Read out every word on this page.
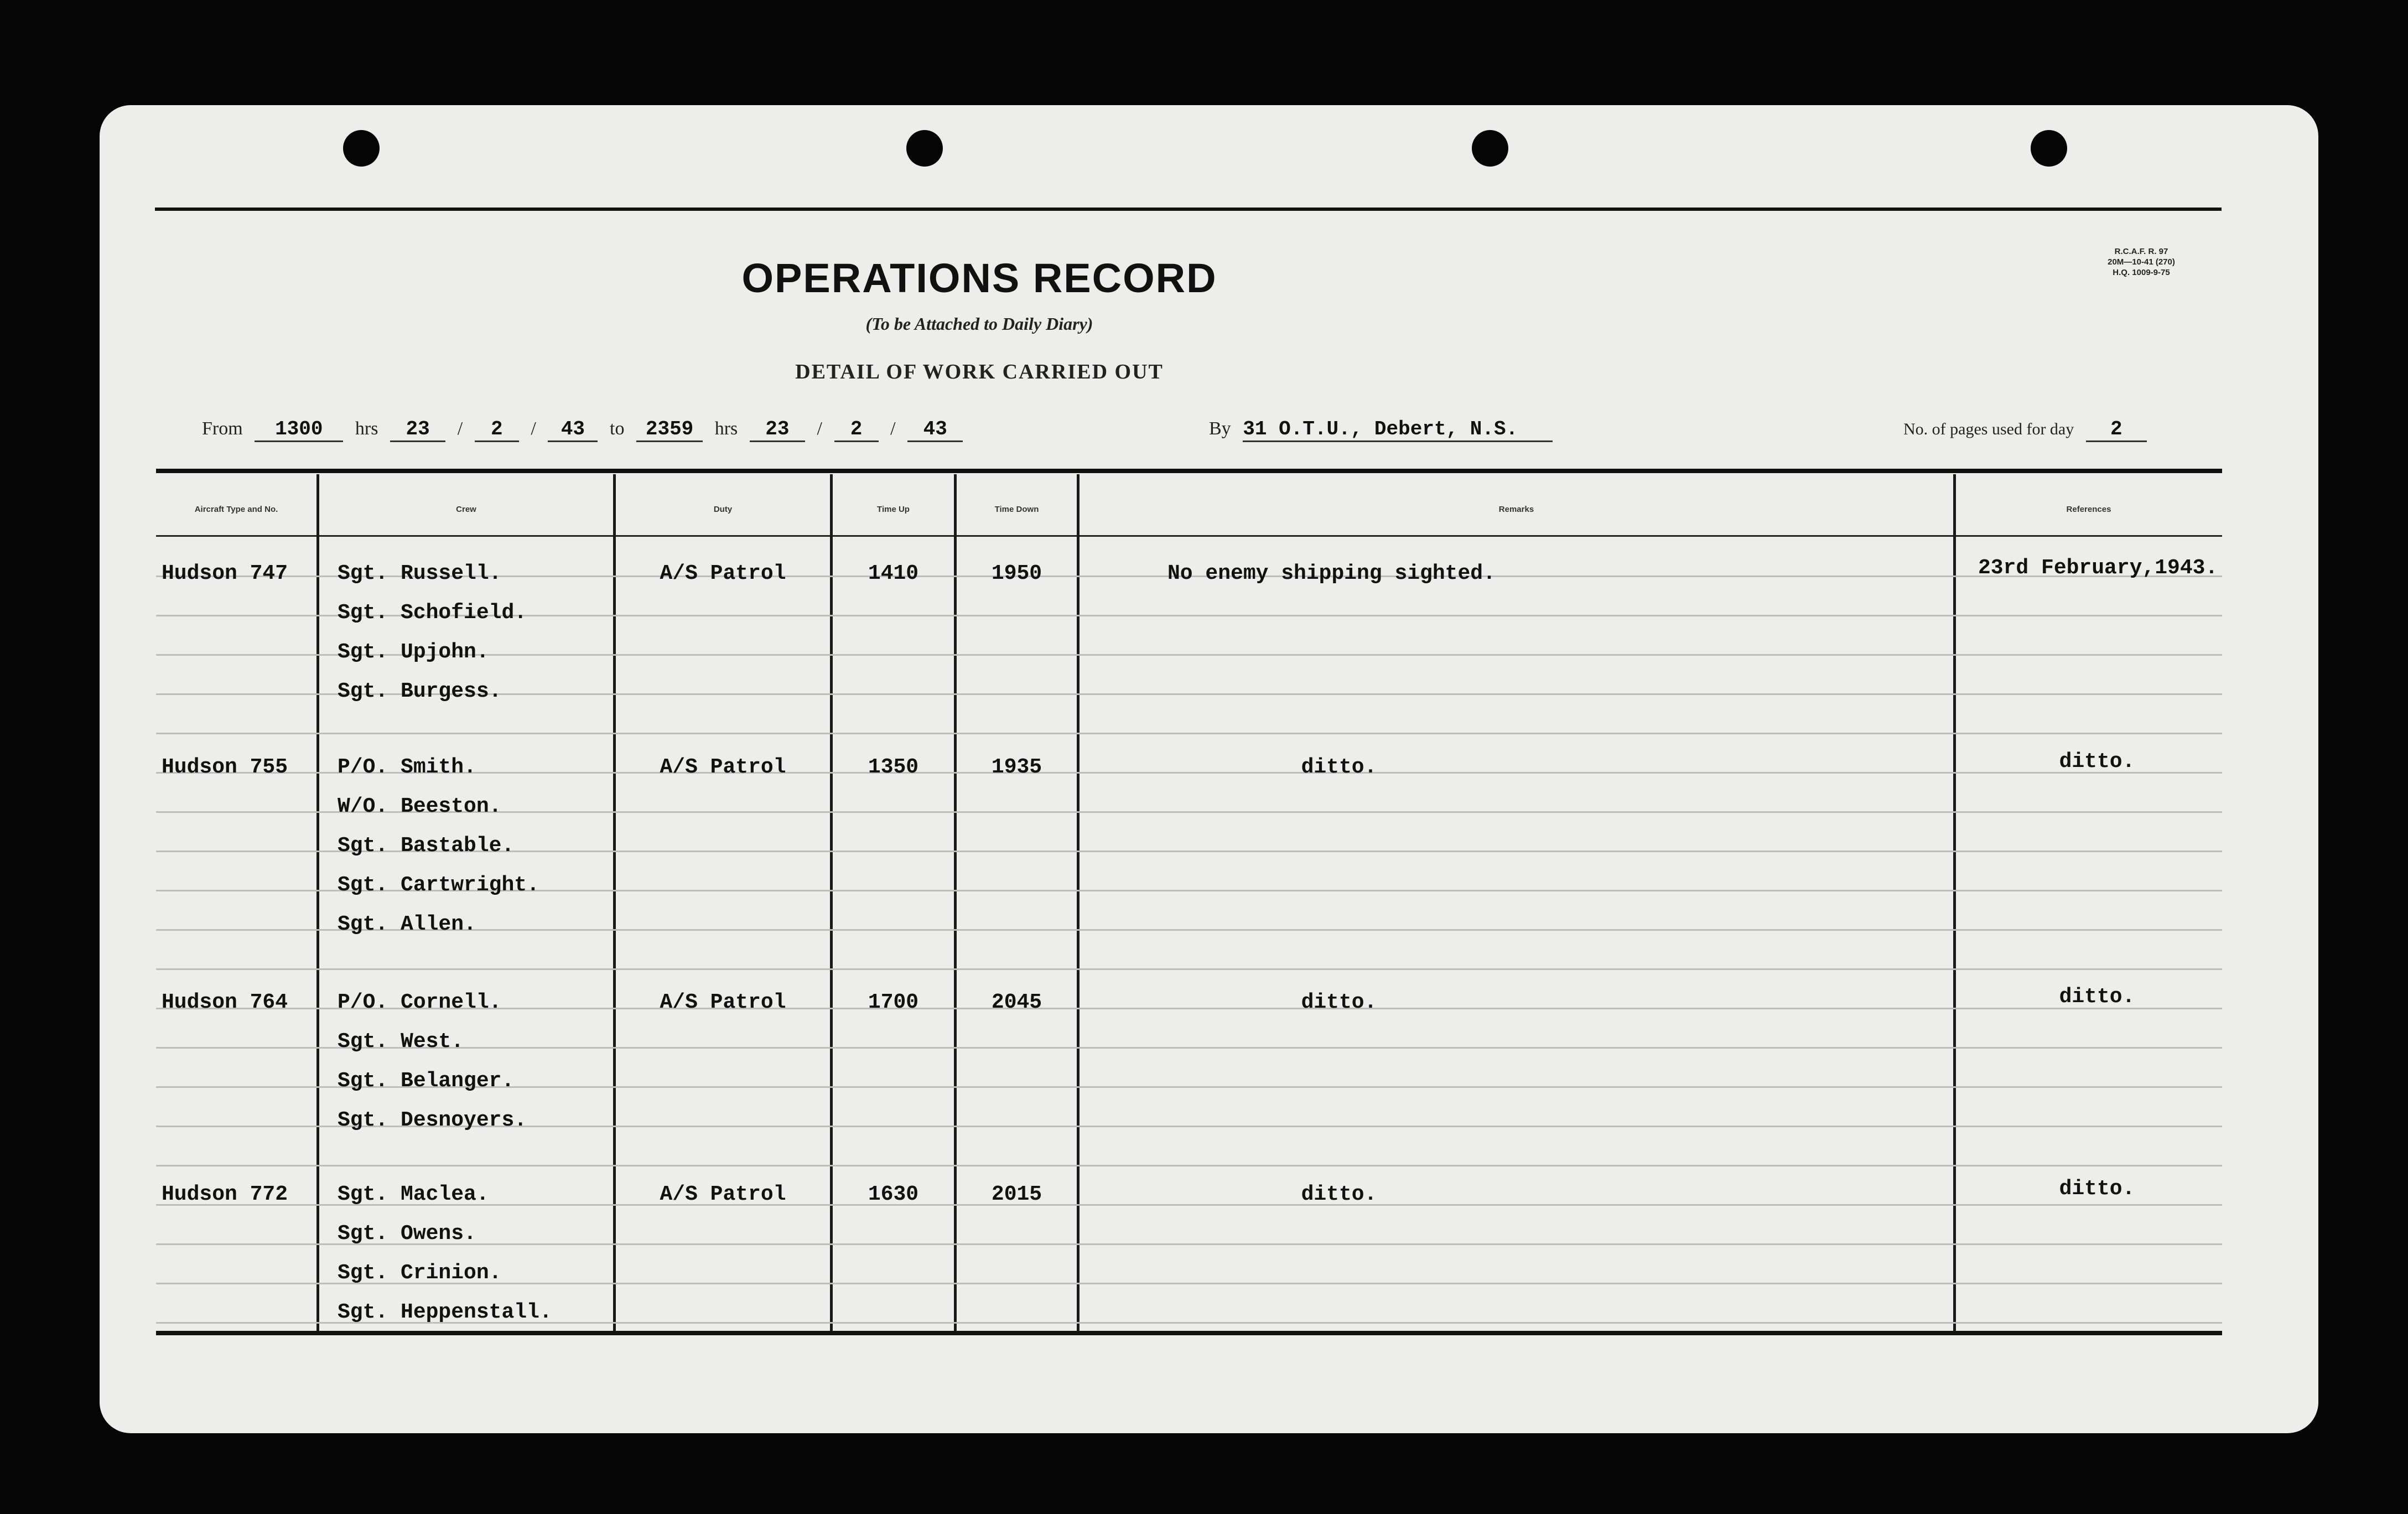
R.C.A.F. R. 97
20M—10-41 (270)
H.Q. 1009-9-75
OPERATIONS RECORD
(To be Attached to Daily Diary)
DETAIL OF WORK CARRIED OUT
From 1300 hrs 23 / 2 / 43 to 2359 hrs 23 / 2 / 43	By 31 O.T.U., Debert, N.S.	No. of pages used for day 2
Aircraft Type and No.	Crew	Duty	Time Up	Time Down	Remarks	References
Hudson 747 Sgt. Russell.
Sgt. Schofield.
Sgt. Upjohn.
Sgt. Burgess.
A/S Patrol	1410	1950	No enemy shipping sighted.	23rd February,1943.
Hudson 755 P/O. Smith.
W/O. Beeston.
Sgt. Bastable.
Sgt. Cartwright.
Sgt. Allen.
A/S Patrol	1350	1935	ditto.	ditto.
Hudson 764 P/O. Cornell.
Sgt. West.
Sgt. Belanger.
Sgt. Desnoyers.
A/S Patrol	1700	2045	ditto.	ditto.
Hudson 772 Sgt. Maclea.
Sgt. Owens.
Sgt. Crinion.
Sgt. Heppenstall.
A/S Patrol	1630	2015	ditto.	ditto.
